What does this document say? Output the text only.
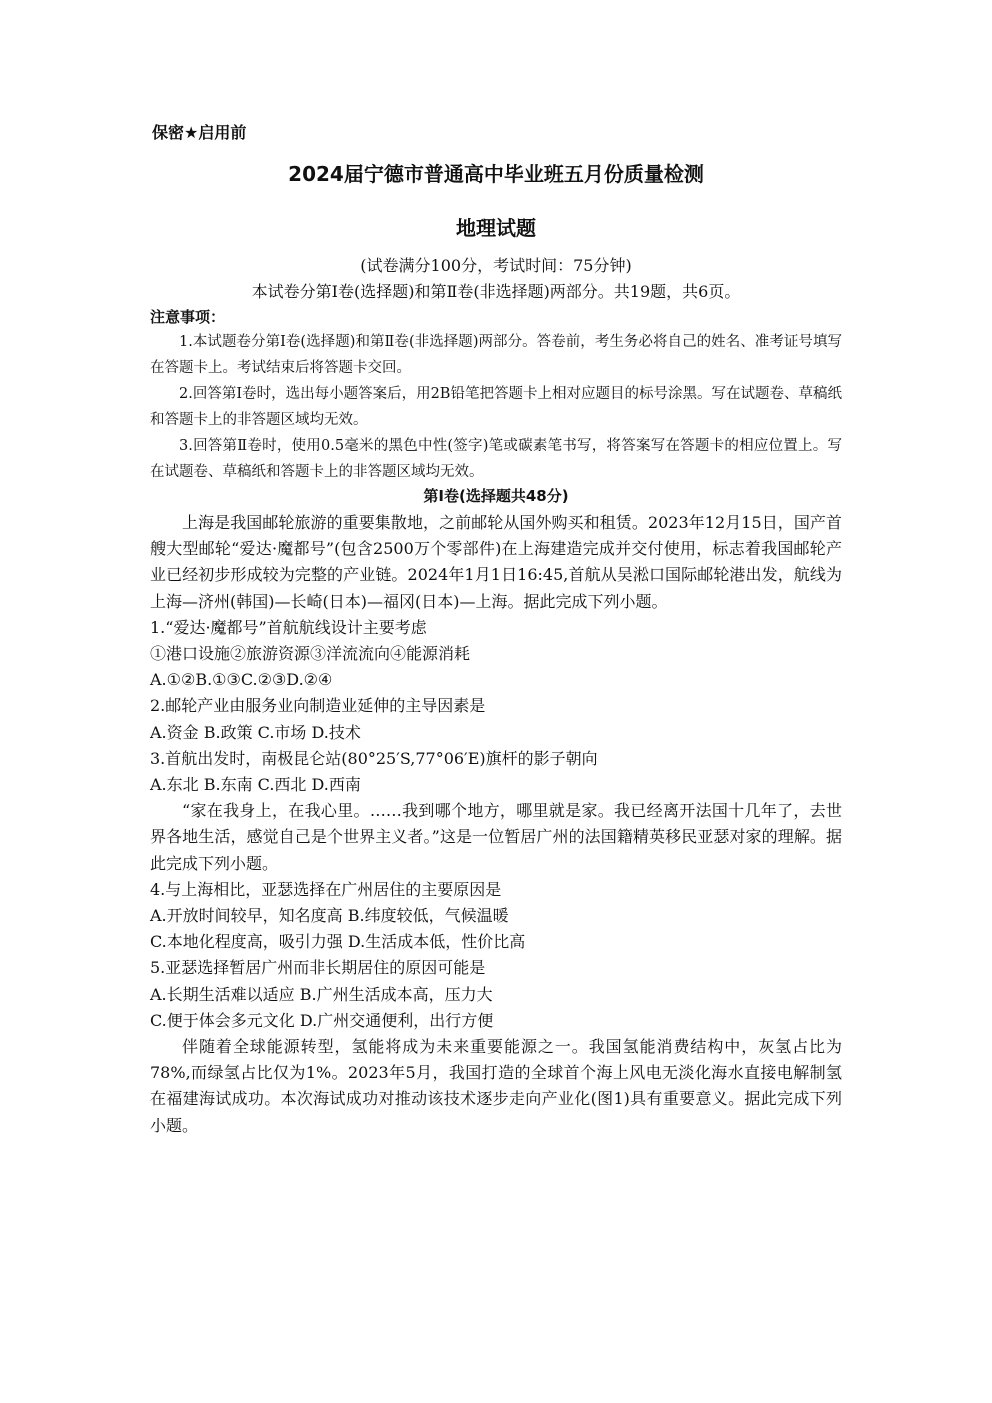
保密★启用前
2024届宁德市普通高中毕业班五月份质量检测
地理试题
(试卷满分100分，考试时间：75分钟)
本试卷分第Ⅰ卷(选择题)和第Ⅱ卷(非选择题)两部分。共19题，共6页。
注意事项：

1.本试题卷分第Ⅰ卷(选择题)和第Ⅱ卷(非选择题)两部分。答卷前，考生务必将自己的姓名、准考证号填写在答题卡上。考试结束后将答题卡交回。

2.回答第Ⅰ卷时，选出每小题答案后，用2B铅笔把答题卡上相对应题目的标号涂黑。写在试题卷、草稿纸和答题卡上的非答题区域均无效。

3.回答第Ⅱ卷时，使用0.5毫米的黑色中性(签字)笔或碳素笔书写，将答案写在答题卡的相应位置上。写在试题卷、草稿纸和答题卡上的非答题区域均无效。

第Ⅰ卷(选择题共48分)

上海是我国邮轮旅游的重要集散地，之前邮轮从国外购买和租赁。2023年12月15日，国产首艘大型邮轮“爱达·魔都号”(包含2500万个零部件)在上海建造完成并交付使用，标志着我国邮轮产业已经初步形成较为完整的产业链。2024年1月1日16:45,首航从吴淞口国际邮轮港出发，航线为上海—济州(韩国)—长崎(日本)—福冈(日本)—上海。据此完成下列小题。

1.“爱达·魔都号”首航航线设计主要考虑

①港口设施②旅游资源③洋流流向④能源消耗

A.①②B.①③C.②③D.②④

2.邮轮产业由服务业向制造业延伸的主导因素是

A.资金 B.政策 C.市场 D.技术

3.首航出发时，南极昆仑站(80°25′S,77°06′E)旗杆的影子朝向

A.东北 B.东南 C.西北 D.西南

“家在我身上，在我心里。……我到哪个地方，哪里就是家。我已经离开法国十几年了，去世界各地生活，感觉自己是个世界主义者。”这是一位暂居广州的法国籍精英移民亚瑟对家的理解。据此完成下列小题。

4.与上海相比，亚瑟选择在广州居住的主要原因是

A.开放时间较早，知名度高 B.纬度较低，气候温暖

C.本地化程度高，吸引力强 D.生活成本低，性价比高

5.亚瑟选择暂居广州而非长期居住的原因可能是

A.长期生活难以适应 B.广州生活成本高，压力大

C.便于体会多元文化 D.广州交通便利，出行方便

伴随着全球能源转型，氢能将成为未来重要能源之一。我国氢能消费结构中，灰氢占比为78%,而绿氢占比仅为1%。2023年5月，我国打造的全球首个海上风电无淡化海水直接电解制氢在福建海试成功。本次海试成功对推动该技术逐步走向产业化(图1)具有重要意义。据此完成下列小题。
